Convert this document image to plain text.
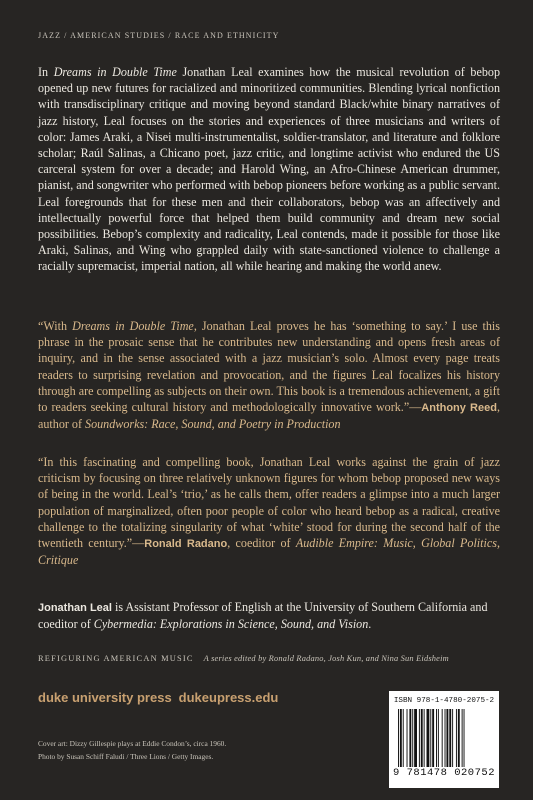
JAZZ / AMERICAN STUDIES / RACE AND ETHNICITY

In Dreams in Double Time Jonathan Leal examines how the musical revolution of bebop opened up new futures for racialized and minoritized communities. Blending lyrical nonfiction with transdisciplinary critique and moving beyond standard Black/white binary narratives of jazz history, Leal focuses on the stories and experiences of three musicians and writers of color: James Araki, a Nisei multi-instrumentalist, soldier-translator, and literature and folklore scholar; Raúl Salinas, a Chicano poet, jazz critic, and longtime activist who endured the US carceral system for over a decade; and Harold Wing, an Afro-Chinese American drummer, pianist, and songwriter who performed with bebop pioneers before working as a public servant. Leal foregrounds that for these men and their collaborators, bebop was an affectively and intellectually powerful force that helped them build community and dream new social possibilities. Bebop’s complexity and radicality, Leal contends, made it possible for those like Araki, Salinas, and Wing who grappled daily with state-sanctioned violence to challenge a racially supremacist, imperial nation, all while hearing and making the world anew.

“With Dreams in Double Time, Jonathan Leal proves he has ‘something to say.’ I use this phrase in the prosaic sense that he contributes new understanding and opens fresh areas of inquiry, and in the sense associated with a jazz musician’s solo. Almost every page treats readers to surprising revelation and provocation, and the figures Leal focalizes his history through are compelling as subjects on their own. This book is a tremendous achievement, a gift to readers seeking cultural history and methodologically innovative work.”—Anthony Reed, author of Soundworks: Race, Sound, and Poetry in Production

“In this fascinating and compelling book, Jonathan Leal works against the grain of jazz criticism by focusing on three relatively unknown figures for whom bebop proposed new ways of being in the world. Leal’s ‘trio,’ as he calls them, offer readers a glimpse into a much larger population of marginalized, often poor people of color who heard bebop as a radical, creative challenge to the totalizing singularity of what ‘white’ stood for during the second half of the twentieth century.”—Ronald Radano, coeditor of Audible Empire: Music, Global Politics, Critique

Jonathan Leal is Assistant Professor of English at the University of Southern California and coeditor of Cybermedia: Explorations in Science, Sound, and Vision.

REFIGURING AMERICAN MUSIC A series edited by Ronald Radano, Josh Kun, and Nina Sun Eidsheim
duke university press dukeupress.edu
Cover art: Dizzy Gillespie plays at Eddie Condon’s, circa 1960.
Photo by Susan Schiff Faludi / Three Lions / Getty Images.
ISBN 978-1-4780-2075-2
9 781478 020752
